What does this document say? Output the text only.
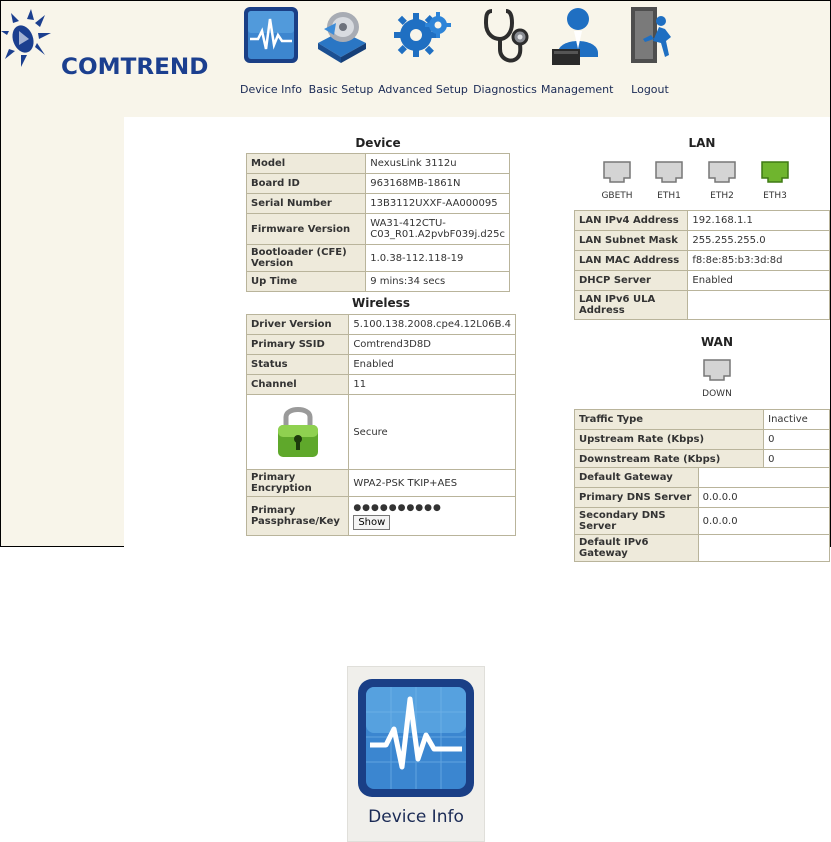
COMTREND
Device Info Basic Setup Advanced Setup Diagnostics Management	Logout
Device
Model	NexusLink 3112u
Board ID	963168MB-1861N
Serial Number	13B3112UXXF-AA000095
Firmware Version	WA31-412CTU-C03_R01.A2pvbF039j.d25c
Bootloader (CFE) Version	1.0.38-112.118-19
Up Time	9 mins:34 secs
Wireless
Driver Version	5.100.138.2008.cpe4.12L06B.4
Primary SSID	Comtrend3D8D
Status	Enabled
Channel	11
	Secure
Primary Encryption	WPA2-PSK TKIP+AES
Primary Passphrase/Key	●●●●●●●●●●
Show
LAN
GBETH	ETH1	ETH2	ETH3
LAN IPv4 Address	192.168.1.1
LAN Subnet Mask	255.255.255.0
LAN MAC Address	f8:8e:85:b3:3d:8d
DHCP Server	Enabled
LAN IPv6 ULA Address	
WAN
DOWN
Traffic Type	Inactive
Upstream Rate (Kbps)	0
Downstream Rate (Kbps)	0
Default Gateway	
Primary DNS Server	0.0.0.0
Secondary DNS Server	0.0.0.0
Default IPv6 Gateway	
Device Info
